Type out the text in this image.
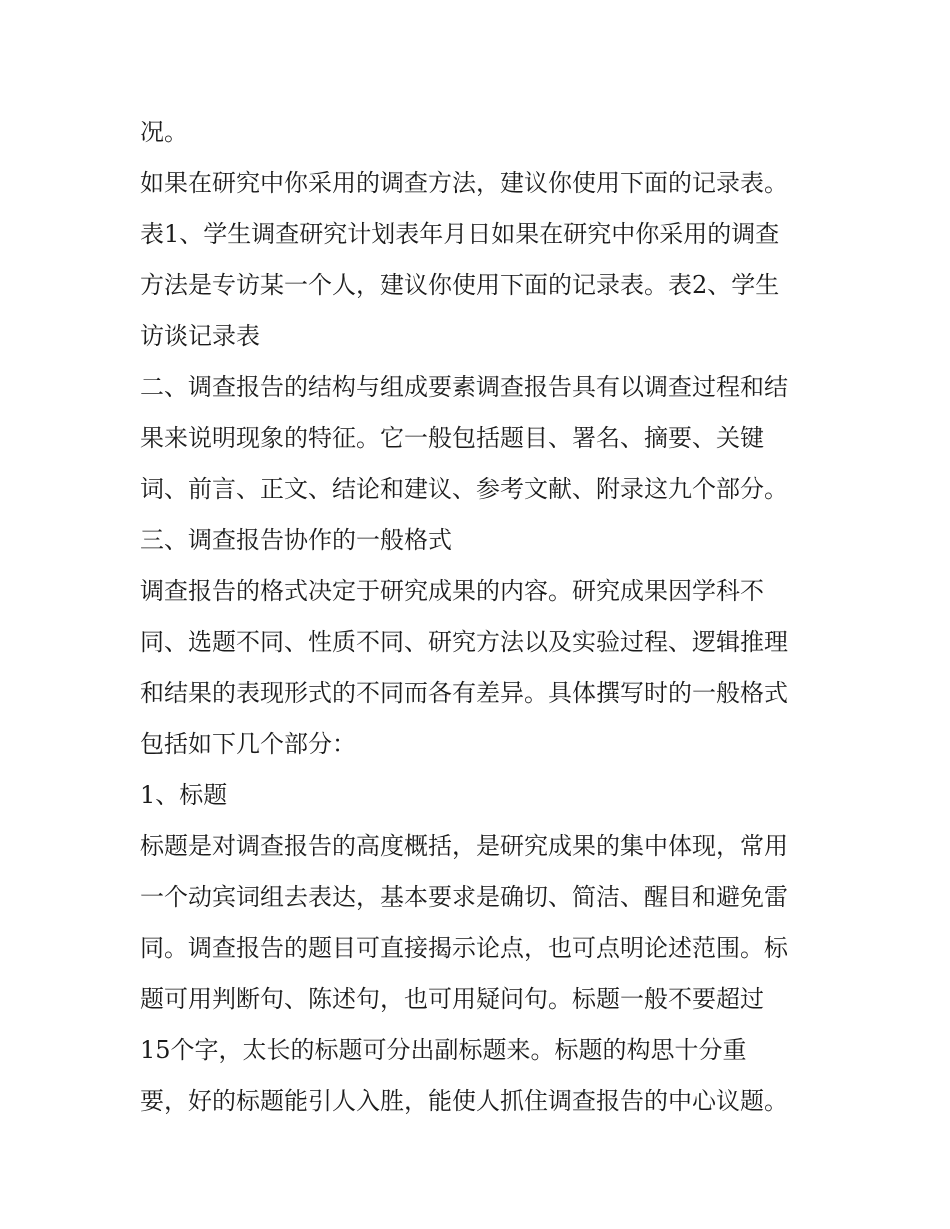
况。
如果在研究中你采用的调查方法，建议你使用下面的记录表。
表1、学生调查研究计划表年月日如果在研究中你采用的调查
方法是专访某一个人，建议你使用下面的记录表。表2、学生
访谈记录表
二、调查报告的结构与组成要素调查报告具有以调查过程和结
果来说明现象的特征。它一般包括题目、署名、摘要、关键
词、前言、正文、结论和建议、参考文献、附录这九个部分。
三、调查报告协作的一般格式
调查报告的格式决定于研究成果的内容。研究成果因学科不
同、选题不同、性质不同、研究方法以及实验过程、逻辑推理
和结果的表现形式的不同而各有差异。具体撰写时的一般格式
包括如下几个部分：
1、标题
标题是对调查报告的高度概括，是研究成果的集中体现，常用
一个动宾词组去表达，基本要求是确切、简洁、醒目和避免雷
同。调查报告的题目可直接揭示论点，也可点明论述范围。标
题可用判断句、陈述句，也可用疑问句。标题一般不要超过
15个字，太长的标题可分出副标题来。标题的构思十分重
要，好的标题能引人入胜，能使人抓住调查报告的中心议题。
